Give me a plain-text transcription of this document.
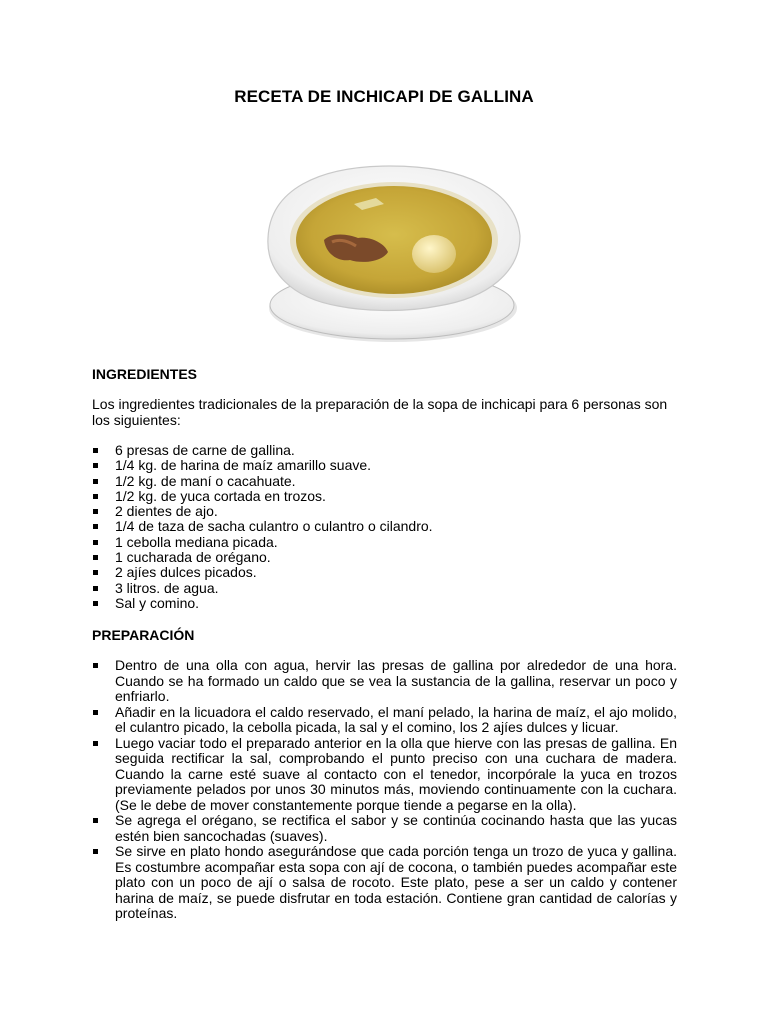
RECETA DE INCHICAPI DE GALLINA
INGREDIENTES
Los ingredientes tradicionales de la preparación de la sopa de inchicapi para 6 personas son los siguientes:
6 presas de carne de gallina.
1/4 kg. de harina de maíz amarillo suave.
1/2 kg. de maní o cacahuate.
1/2 kg. de yuca cortada en trozos.
2 dientes de ajo.
1/4 de taza de sacha culantro o culantro o cilandro.
1 cebolla mediana picada.
1 cucharada de orégano.
2 ajíes dulces picados.
3 litros. de agua.
Sal y comino.
PREPARACIÓN
Dentro de una olla con agua, hervir las presas de gallina por alrededor de una hora. Cuando se ha formado un caldo que se vea la sustancia de la gallina, reservar un poco y enfriarlo.
Añadir en la licuadora el caldo reservado, el maní pelado, la harina de maíz, el ajo molido, el culantro picado, la cebolla picada, la sal y el comino, los 2 ajíes dulces y licuar.
Luego vaciar todo el preparado anterior en la olla que hierve con las presas de gallina. En seguida rectificar la sal, comprobando el punto preciso con una cuchara de madera. Cuando la carne esté suave al contacto con el tenedor, incorpórale la yuca en trozos previamente pelados por unos 30 minutos más, moviendo continuamente con la cuchara. (Se le debe de mover constantemente porque tiende a pegarse en la olla).
Se agrega el orégano, se rectifica el sabor y se continúa cocinando hasta que las yucas estén bien sancochadas (suaves).
Se sirve en plato hondo asegurándose que cada porción tenga un trozo de yuca y gallina. Es costumbre acompañar esta sopa con ají de cocona, o también puedes acompañar este plato con un poco de ají o salsa de rocoto. Este plato, pese a ser un caldo y contener harina de maíz, se puede disfrutar en toda estación. Contiene gran cantidad de calorías y proteínas.
